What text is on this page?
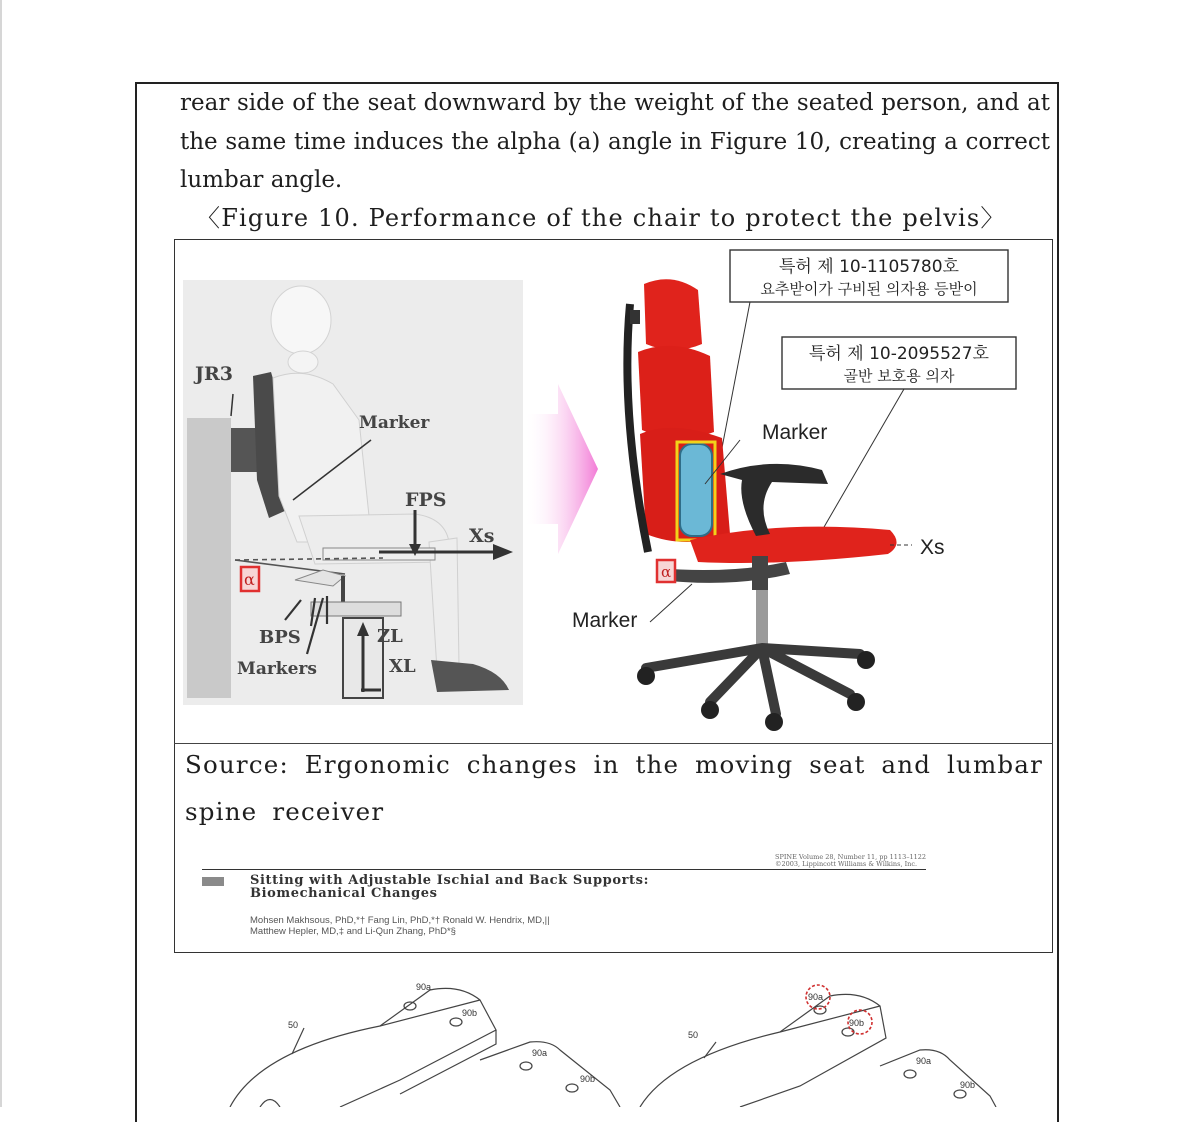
rear side of the seat downward by the weight of the seated person, and at the same time induces the alpha (a) angle in Figure 10, creating a correct lumbar angle.
〈Figure 10. Performance of the chair to protect the pelvis〉
JR3
Marker
FPS
Xs
α
BPS
Markers
ZL
XL
특허 제 10-1105780호
요추받이가 구비된 의자용 등받이
특허 제 10-2095527호
골반 보호용 의자
α
Marker
Marker
Xs
Source: Ergonomic changes in the moving seat and lumbar spine receiver
SPINE Volume 28, Number 11, pp 1113–1122
©2003, Lippincott Williams & Wilkins, Inc.
Sitting with Adjustable Ischial and Back Supports:
Biomechanical Changes
Mohsen Makhsous, PhD,*† Fang Lin, PhD,*† Ronald W. Hendrix, MD,||
Matthew Hepler, MD,‡ and Li-Qun Zhang, PhD*§
50
90a
90b
90a
90b
50
90a
90b
90a
90b
